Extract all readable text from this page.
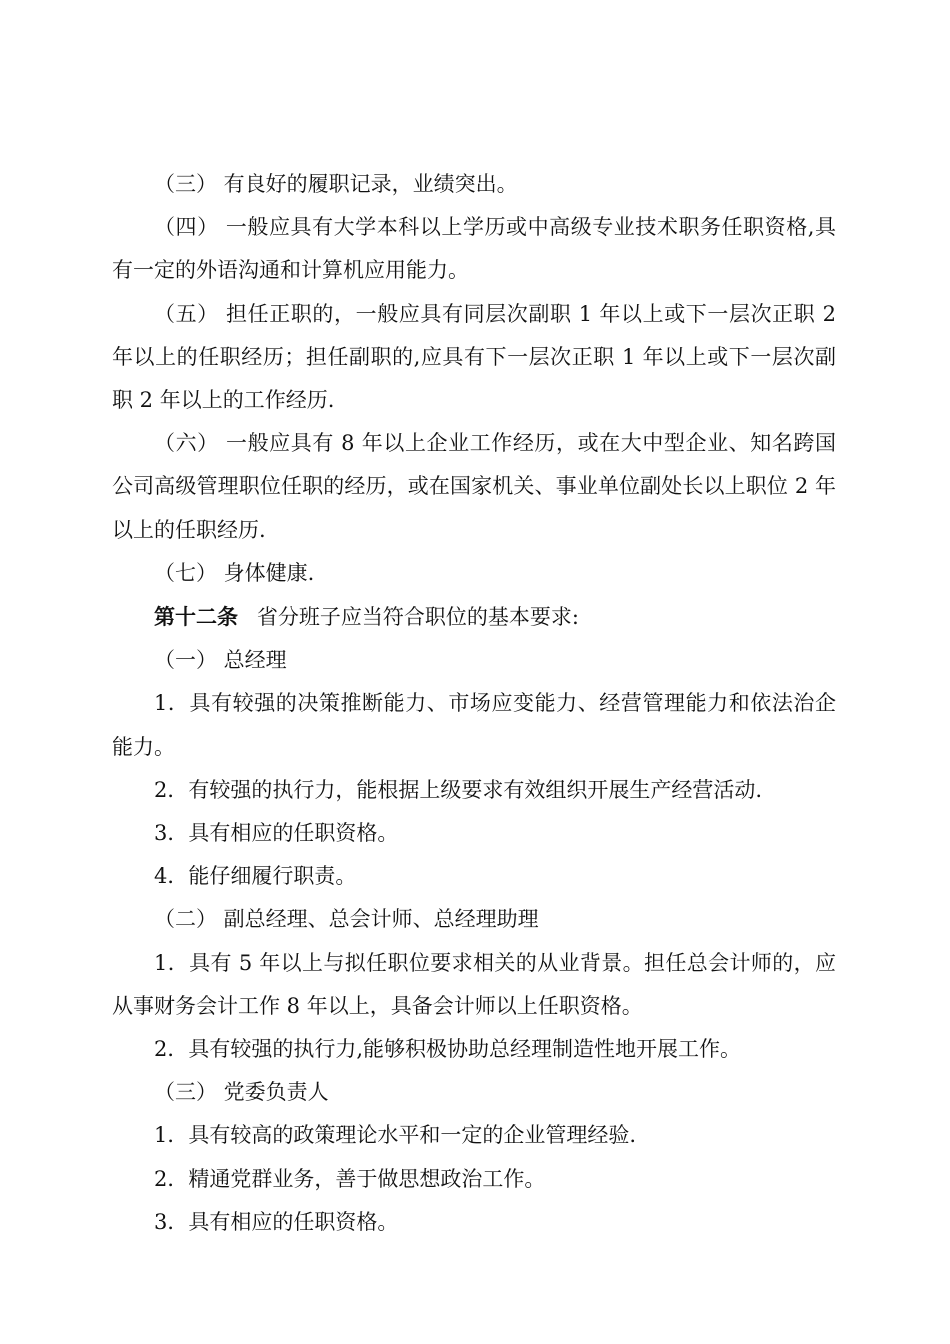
（三） 有良好的履职记录，业绩突出。

（四） 一般应具有大学本科以上学历或中高级专业技术职务任职资格,具有一定的外语沟通和计算机应用能力。

（五） 担任正职的，一般应具有同层次副职 1 年以上或下一层次正职 2 年以上的任职经历；担任副职的,应具有下一层次正职 1 年以上或下一层次副职 2 年以上的工作经历.

（六） 一般应具有 8 年以上企业工作经历，或在大中型企业、知名跨国公司高级管理职位任职的经历，或在国家机关、事业单位副处长以上职位 2 年以上的任职经历.

（七） 身体健康.

第十二条 省分班子应当符合职位的基本要求:

（一） 总经理

1．具有较强的决策推断能力、市场应变能力、经营管理能力和依法治企能力。

2．有较强的执行力，能根据上级要求有效组织开展生产经营活动.

3．具有相应的任职资格。

4．能仔细履行职责。

（二） 副总经理、总会计师、总经理助理

1．具有 5 年以上与拟任职位要求相关的从业背景。担任总会计师的，应从事财务会计工作 8 年以上，具备会计师以上任职资格。

2．具有较强的执行力,能够积极协助总经理制造性地开展工作。

（三） 党委负责人

1．具有较高的政策理论水平和一定的企业管理经验.

2．精通党群业务，善于做思想政治工作。

3．具有相应的任职资格。
